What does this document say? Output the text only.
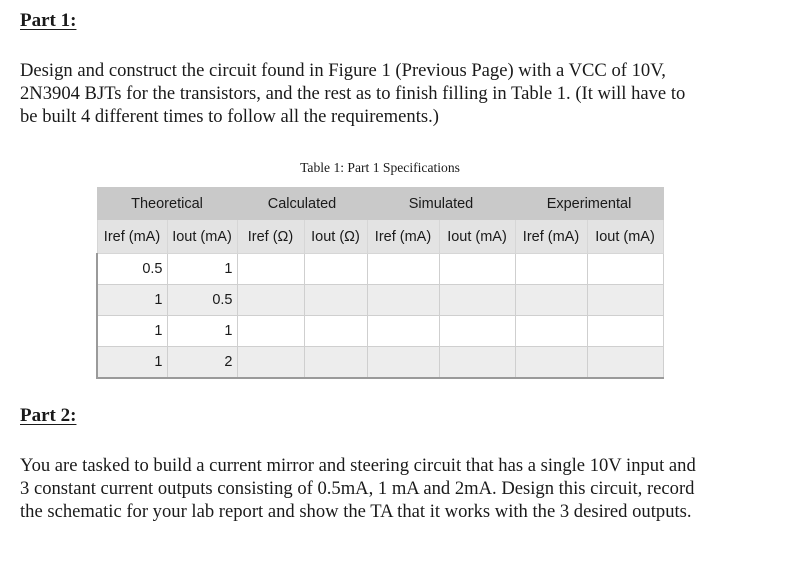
Part 1:

Design and construct the circuit found in Figure 1 (Previous Page) with a VCC of 10V,
2N3904 BJTs for the transistors, and the rest as to finish filling in Table 1. (It will have to
be built 4 different times to follow all the requirements.)

Table 1: Part 1 Specifications
Theoretical		Calculated		Simulated		Experimental	
Iref (mA)	Iout (mA)	Iref (Ω)	Iout (Ω)	Iref (mA)	Iout (mA)	Iref (mA)	Iout (mA)
0.5	1						
1	0.5						
1	1						
1	2						
Part 2:

You are tasked to build a current mirror and steering circuit that has a single 10V input and
3 constant current outputs consisting of 0.5mA, 1 mA and 2mA. Design this circuit, record
the schematic for your lab report and show the TA that it works with the 3 desired outputs.
